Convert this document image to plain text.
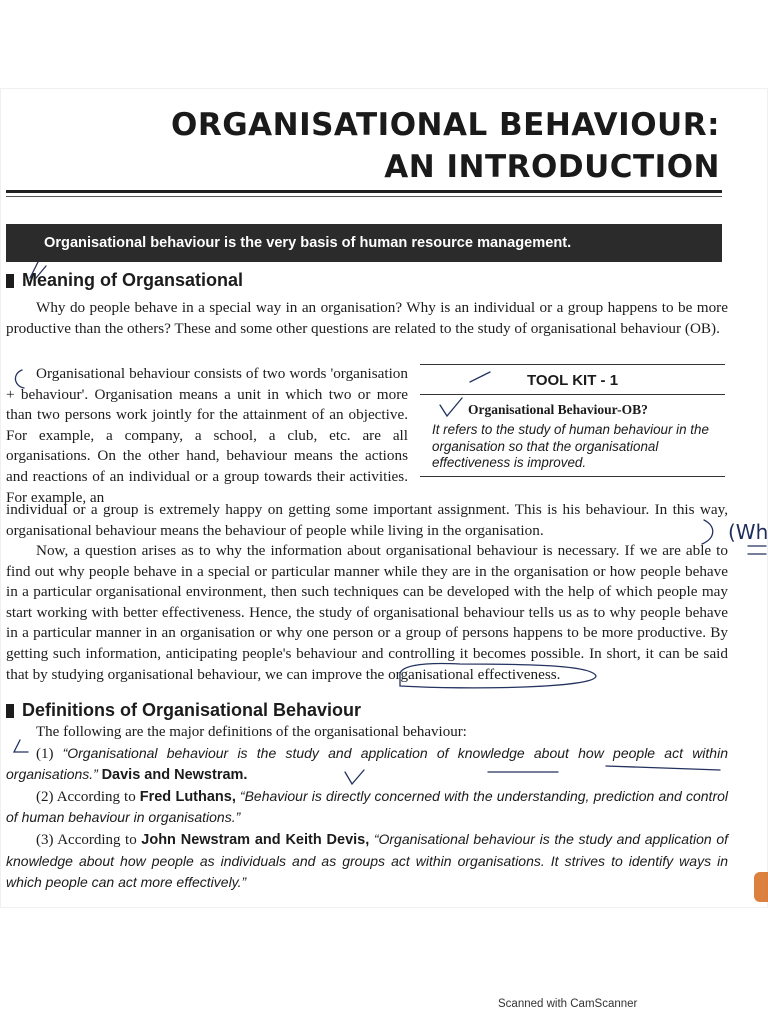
ORGANISATIONAL BEHAVIOUR:
AN INTRODUCTION
Organisational behaviour is the very basis of human resource management.
Meaning of Organsational

Why do people behave in a special way in an organisation? Why is an individual or a group happens to be more productive than the others? These and some other questions are related to the study of organisational behaviour (OB).

Organisational behaviour consists of two words 'organisation + behaviour'. Organisation means a unit in which two or more than two persons work jointly for the attainment of an objective. For example, a company, a school, a club, etc. are all organisations. On the other hand, behaviour means the actions and reactions of an individual or a group towards their activities. For example, an

TOOL KIT - 1
Organisational Behaviour-OB?
It refers to the study of human behaviour in the organisation so that the organisational effectiveness is improved.

individual or a group is extremely happy on getting some important assignment. This is his behaviour. In this way, organisational behaviour means the behaviour of people while living in the organisation.

Now, a question arises as to why the information about organisational behaviour is necessary. If we are able to find out why people behave in a special or particular manner while they are in the organisation or how people behave in a particular organisational environment, then such techniques can be developed with the help of which people may start working with better effectiveness. Hence, the study of organisational behaviour tells us as to why people behave in a particular manner in an organisation or why one person or a group of persons happens to be more productive. By getting such information, anticipating people's behaviour and controlling it becomes possible. In short, it can be said that by studying organisational behaviour, we can improve the organisational effectiveness.

Definitions of Organisational Behaviour

The following are the major definitions of the organisational behaviour:

(1) “Organisational behaviour is the study and application of knowledge about how people act within organisations.” Davis and Newstram.

(2) According to Fred Luthans, “Behaviour is directly concerned with the understanding, prediction and control of human behaviour in organisations.”

(3) According to John Newstram and Keith Devis, “Organisational behaviour is the study and application of knowledge about how people as individuals and as groups act within organisations. It strives to identify ways in which people can act more effectively.”

(Wh
Scanned with CamScanner
